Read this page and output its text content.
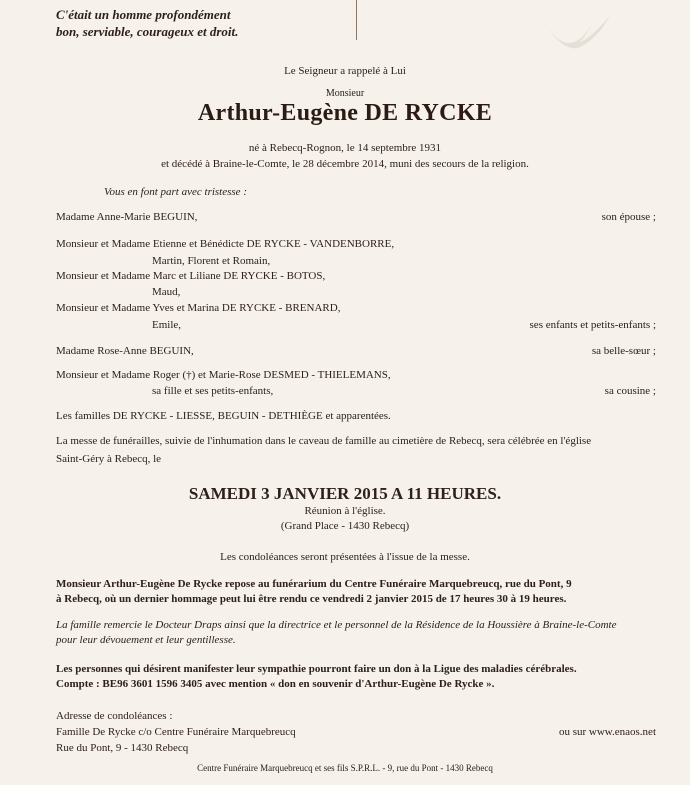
C'était un homme profondément
bon, serviable, courageux et droit.
Le Seigneur a rappelé à Lui
Monsieur
Arthur-Eugène DE RYCKE
né à Rebecq-Rognon, le 14 septembre 1931
et décédé à Braine-le-Comte, le 28 décembre 2014, muni des secours de la religion.
Vous en font part avec tristesse :
Madame Anne-Marie BEGUIN,	son épouse ;
Monsieur et Madame Etienne et Bénédicte DE RYCKE - VANDENBORRE,
Martin, Florent et Romain,
Monsieur et Madame Marc et Liliane DE RYCKE - BOTOS,
Maud,
Monsieur et Madame Yves et Marina DE RYCKE - BRENARD,
Emile,	ses enfants et petits-enfants ;
Madame Rose-Anne BEGUIN,	sa belle-sœur ;
Monsieur et Madame Roger (†) et Marie-Rose DESMED - THIELEMANS,
sa fille et ses petits-enfants,	sa cousine ;
Les familles DE RYCKE - LIESSE, BEGUIN - DETHIÈGE et apparentées.
La messe de funérailles, suivie de l'inhumation dans le caveau de famille au cimetière de Rebecq, sera célébrée en l'église
Saint-Géry à Rebecq, le
SAMEDI 3 JANVIER 2015 A 11 HEURES.
Réunion à l'église.
(Grand Place - 1430 Rebecq)
Les condoléances seront présentées à l'issue de la messe.
Monsieur Arthur-Eugène De Rycke repose au funérarium du Centre Funéraire Marquebreucq, rue du Pont, 9
à Rebecq, où un dernier hommage peut lui être rendu ce vendredi 2 janvier 2015 de 17 heures 30 à 19 heures.
La famille remercie le Docteur Draps ainsi que la directrice et le personnel de la Résidence de la Houssière à Braine-le-Comte
pour leur dévouement et leur gentillesse.
Les personnes qui désirent manifester leur sympathie pourront faire un don à la Ligue des maladies cérébrales.
Compte : BE96 3601 1596 3405 avec mention « don en souvenir d'Arthur-Eugène De Rycke ».
Adresse de condoléances :
Famille De Rycke c/o Centre Funéraire Marquebreucq	ou sur www.enaos.net
Rue du Pont, 9 - 1430 Rebecq
Centre Funéraire Marquebreucq et ses fils S.P.R.L. - 9, rue du Pont - 1430 Rebecq
